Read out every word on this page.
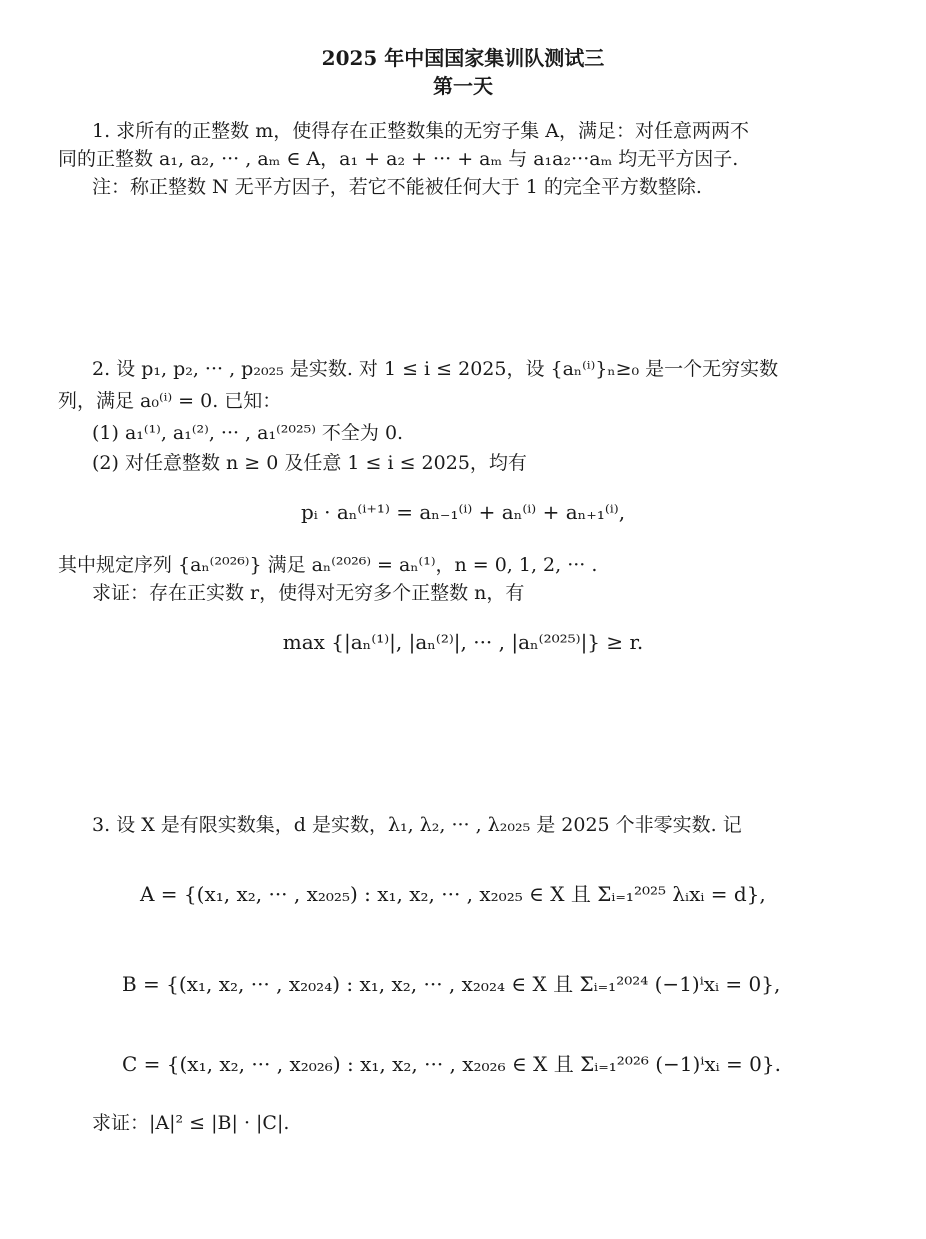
2025 年中国国家集训队测试三
第一天
1. 求所有的正整数 m，使得存在正整数集的无穷子集 A，满足：对任意两两不
同的正整数 a₁, a₂, ··· , aₘ ∈ A，a₁ + a₂ + ··· + aₘ 与 a₁a₂···aₘ 均无平方因子.
注：称正整数 N 无平方因子，若它不能被任何大于 1 的完全平方数整除.
2. 设 p₁, p₂, ··· , p₂₀₂₅ 是实数. 对 1 ≤ i ≤ 2025，设 {aₙ⁽ⁱ⁾}ₙ≥₀ 是一个无穷实数
列，满足 a₀⁽ⁱ⁾ = 0. 已知：
(1) a₁⁽¹⁾, a₁⁽²⁾, ··· , a₁⁽²⁰²⁵⁾ 不全为 0.
(2) 对任意整数 n ≥ 0 及任意 1 ≤ i ≤ 2025，均有
pᵢ · aₙ⁽ⁱ⁺¹⁾ = aₙ₋₁⁽ⁱ⁾ + aₙ⁽ⁱ⁾ + aₙ₊₁⁽ⁱ⁾,
其中规定序列 {aₙ⁽²⁰²⁶⁾} 满足 aₙ⁽²⁰²⁶⁾ = aₙ⁽¹⁾，n = 0, 1, 2, ··· .
求证：存在正实数 r，使得对无穷多个正整数 n，有
max {|aₙ⁽¹⁾|, |aₙ⁽²⁾|, ··· , |aₙ⁽²⁰²⁵⁾|} ≥ r.
3. 设 X 是有限实数集，d 是实数，λ₁, λ₂, ··· , λ₂₀₂₅ 是 2025 个非零实数. 记
A = {(x₁, x₂, ··· , x₂₀₂₅) : x₁, x₂, ··· , x₂₀₂₅ ∈ X 且 Σᵢ₌₁²⁰²⁵ λᵢxᵢ = d},
B = {(x₁, x₂, ··· , x₂₀₂₄) : x₁, x₂, ··· , x₂₀₂₄ ∈ X 且 Σᵢ₌₁²⁰²⁴ (−1)ⁱxᵢ = 0},
C = {(x₁, x₂, ··· , x₂₀₂₆) : x₁, x₂, ··· , x₂₀₂₆ ∈ X 且 Σᵢ₌₁²⁰²⁶ (−1)ⁱxᵢ = 0}.
求证：|A|² ≤ |B| · |C|.
